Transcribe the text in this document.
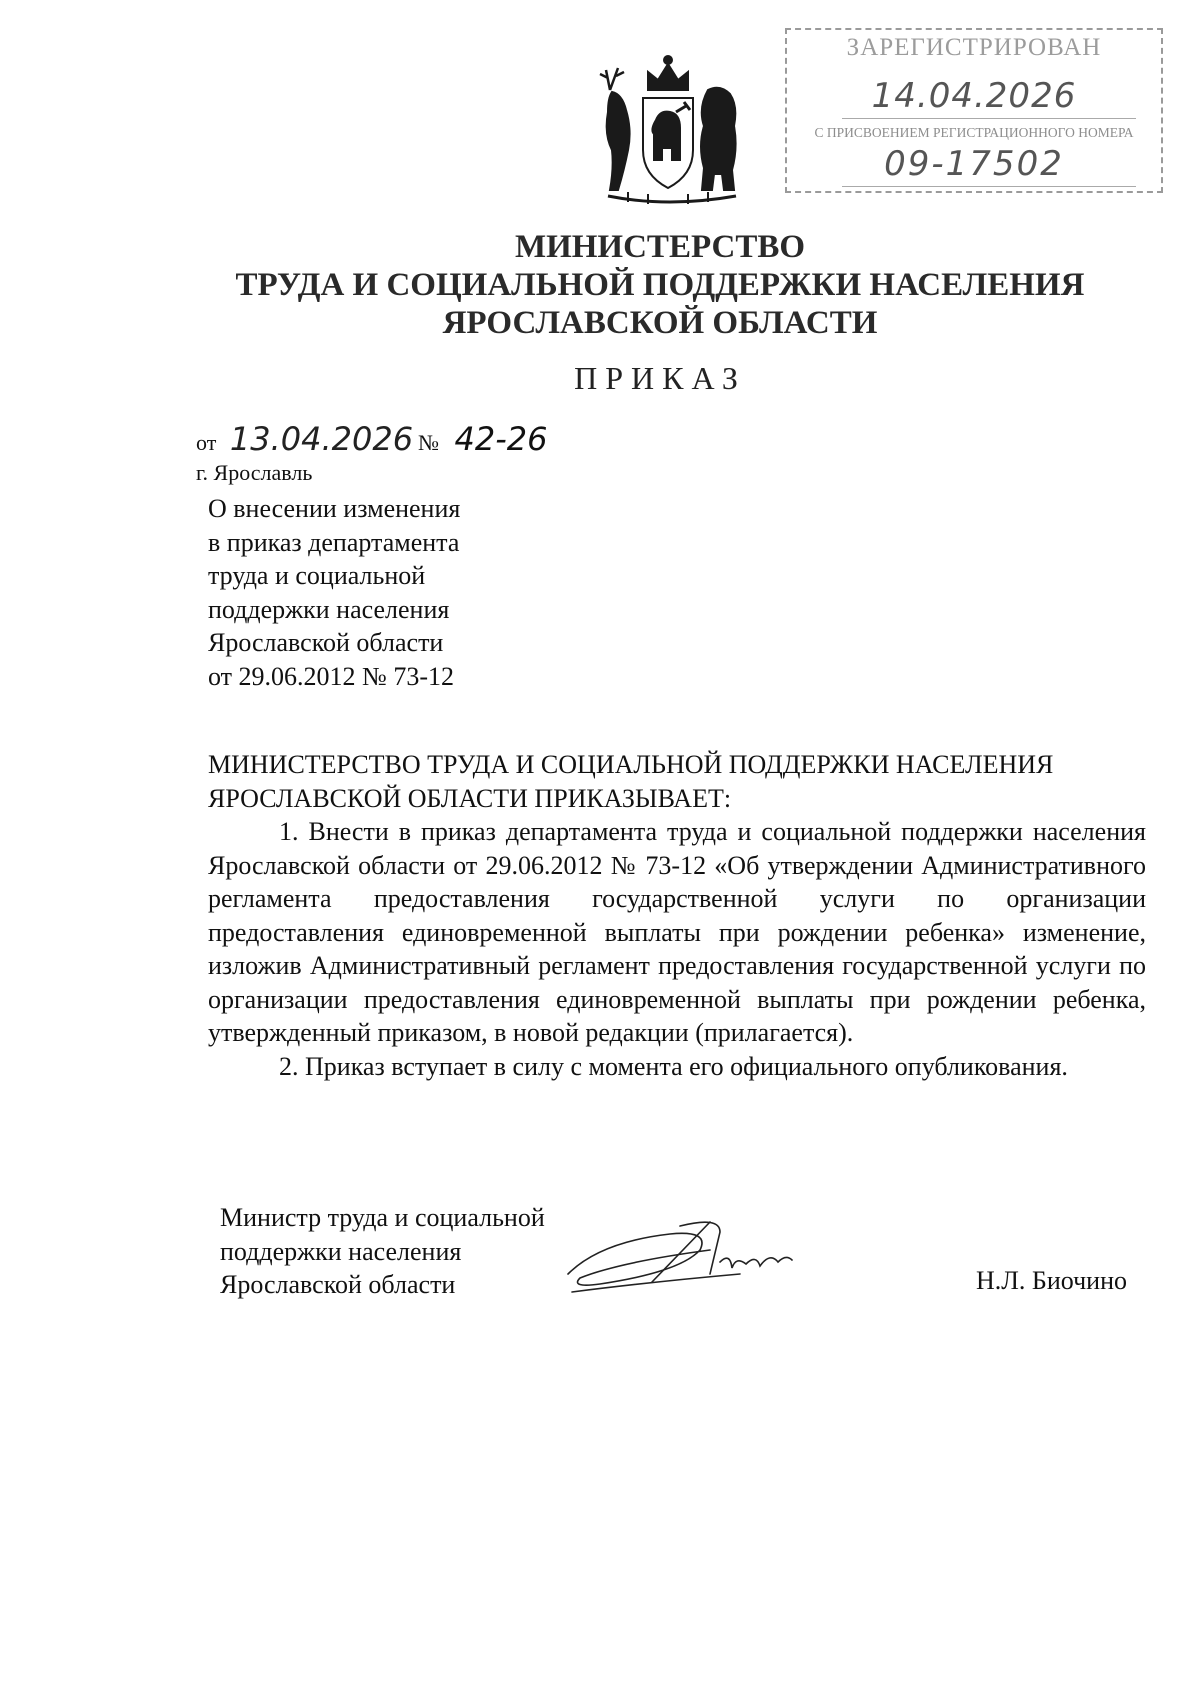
ЗАРЕГИСТРИРОВАН
14.04.2026
С ПРИСВОЕНИЕМ РЕГИСТРАЦИОННОГО НОМЕРА
09-17502
МИНИСТЕРСТВО
ТРУДА И СОЦИАЛЬНОЙ ПОДДЕРЖКИ НАСЕЛЕНИЯ
ЯРОСЛАВСКОЙ ОБЛАСТИ
ПРИКАЗ
от 13.04.2026 № 42-26
г. Ярославль
О внесении изменения
в приказ департамента
труда и социальной
поддержки населения
Ярославской области
от 29.06.2012 № 73-12
МИНИСТЕРСТВО ТРУДА И СОЦИАЛЬНОЙ ПОДДЕРЖКИ НАСЕЛЕНИЯ
ЯРОСЛАВСКОЙ ОБЛАСТИ ПРИКАЗЫВАЕТ:

1. Внести в приказ департамента труда и социальной поддержки населения Ярославской области от 29.06.2012 № 73-12 «Об утверждении Административного регламента предоставления государственной услуги по организации предоставления единовременной выплаты при рождении ребенка» изменение, изложив Административный регламент предоставления государственной услуги по организации предоставления единовременной выплаты при рождении ребенка, утвержденный приказом, в новой редакции (прилагается).

2. Приказ вступает в силу с момента его официального опубликования.

Министр труда и социальной
поддержки населения
Ярославской области	Н.Л. Биочино
